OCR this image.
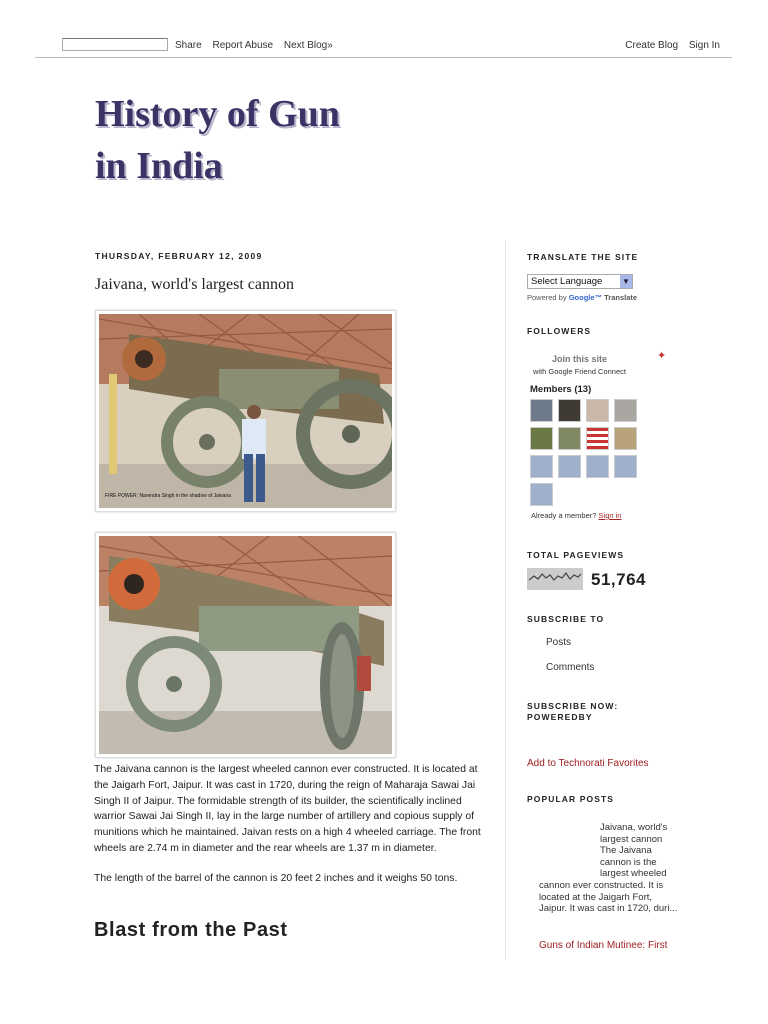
Share Report Abuse Next Blog»	Create Blog Sign In
History of Gun
in India
THURSDAY, FEBRUARY 12, 2009
Jaivana, world's largest cannon
FIRE POWER: Narendra Singh in the shadow of Jaivana

The Jaivana cannon is the largest wheeled cannon ever constructed. It is located at the Jaigarh Fort, Jaipur. It was cast in 1720, during the reign of Maharaja Sawai Jai Singh II of Jaipur. The formidable strength of its builder, the scientifically inclined warrior Sawai Jai Singh II, lay in the large number of artillery and copious supply of munitions which he maintained. Jaivan rests on a high 4 wheeled carriage. The front wheels are 2.74 m in diameter and the rear wheels are 1.37 m in diameter.

The length of the barrel of the cannon is 20 feet 2 inches and it weighs 50 tons.

Blast from the Past
TRANSLATE THE SITE
Select Language ▼
Powered by Google™ Translate
FOLLOWERS
Join this site
with Google Friend Connect
✦
Members (13)
Already a member? Sign in
TOTAL PAGEVIEWS
51,764
SUBSCRIBE TO
Posts
Comments
SUBSCRIBE NOW: POWEREDBY
Add to Technorati Favorites
POPULAR POSTS
Jaivana, world's
largest cannon
The Jaivana
cannon is the
largest wheeled
cannon ever constructed. It is located at the Jaigarh Fort, Jaipur. It was cast in 1720, duri...
Guns of Indian Mutinee: First
